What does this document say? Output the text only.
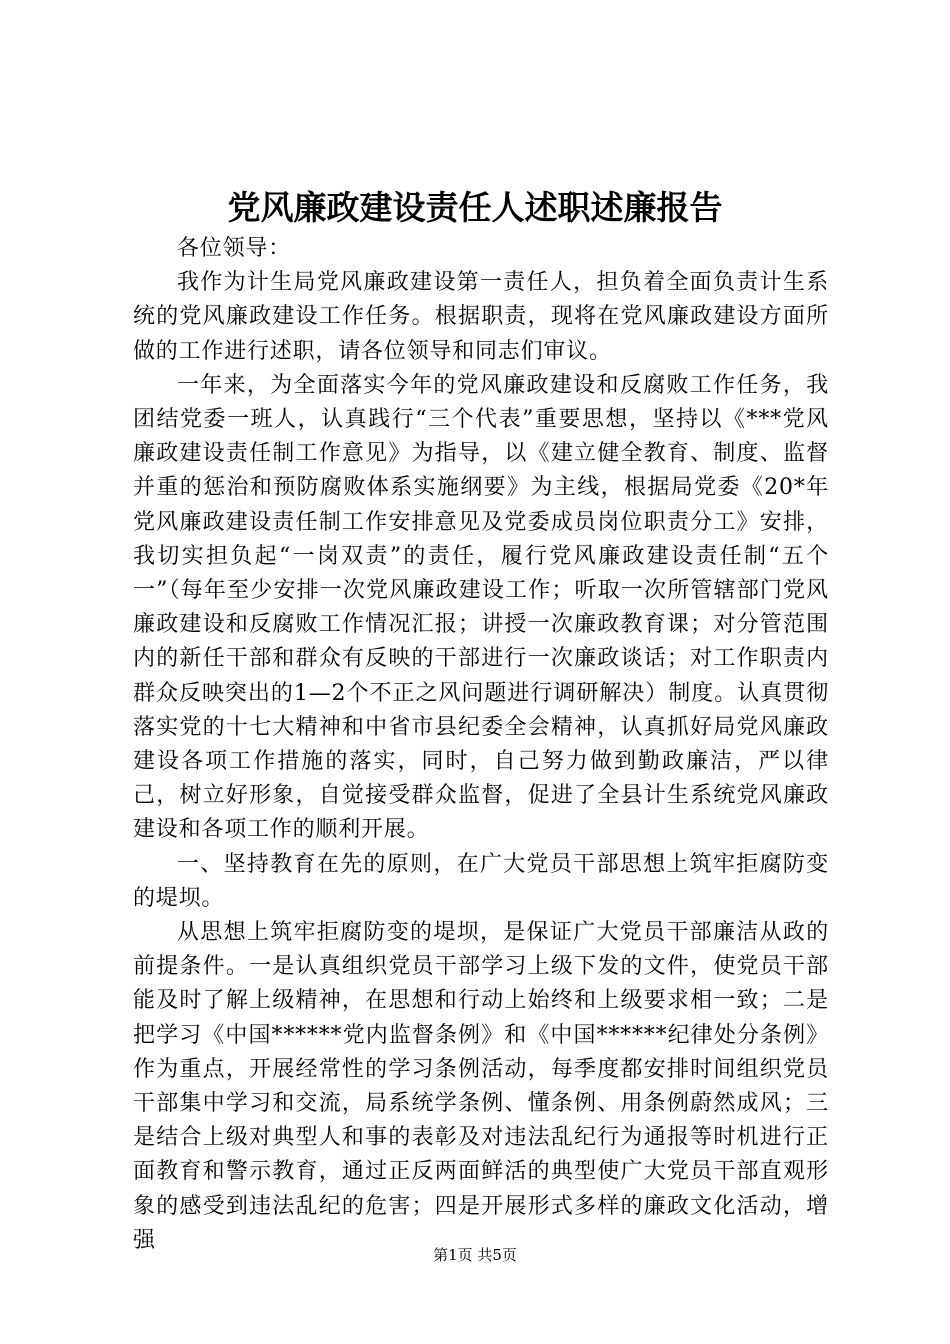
党风廉政建设责任人述职述廉报告

各位领导：

我作为计生局党风廉政建设第一责任人，担负着全面负责计生系统的党风廉政建设工作任务。根据职责，现将在党风廉政建设方面所做的工作进行述职，请各位领导和同志们审议。

一年来，为全面落实今年的党风廉政建设和反腐败工作任务，我团结党委一班人，认真践行“三个代表”重要思想，坚持以《***党风廉政建设责任制工作意见》为指导，以《建立健全教育、制度、监督并重的惩治和预防腐败体系实施纲要》为主线，根据局党委《20*年党风廉政建设责任制工作安排意见及党委成员岗位职责分工》安排，我切实担负起“一岗双责”的责任，履行党风廉政建设责任制“五个一”（每年至少安排一次党风廉政建设工作；听取一次所管辖部门党风廉政建设和反腐败工作情况汇报；讲授一次廉政教育课；对分管范围内的新任干部和群众有反映的干部进行一次廉政谈话；对工作职责内群众反映突出的1—2个不正之风问题进行调研解决）制度。认真贯彻落实党的十七大精神和中省市县纪委全会精神，认真抓好局党风廉政建设各项工作措施的落实，同时，自己努力做到勤政廉洁，严以律己，树立好形象，自觉接受群众监督，促进了全县计生系统党风廉政建设和各项工作的顺利开展。

一、坚持教育在先的原则，在广大党员干部思想上筑牢拒腐防变的堤坝。

从思想上筑牢拒腐防变的堤坝，是保证广大党员干部廉洁从政的前提条件。一是认真组织党员干部学习上级下发的文件，使党员干部能及时了解上级精神，在思想和行动上始终和上级要求相一致；二是把学习《中国******党内监督条例》和《中国******纪律处分条例》作为重点，开展经常性的学习条例活动，每季度都安排时间组织党员干部集中学习和交流，局系统学条例、懂条例、用条例蔚然成风；三是结合上级对典型人和事的表彰及对违法乱纪行为通报等时机进行正面教育和警示教育，通过正反两面鲜活的典型使广大党员干部直观形象的感受到违法乱纪的危害；四是开展形式多样的廉政文化活动，增强

第1页 共5页
